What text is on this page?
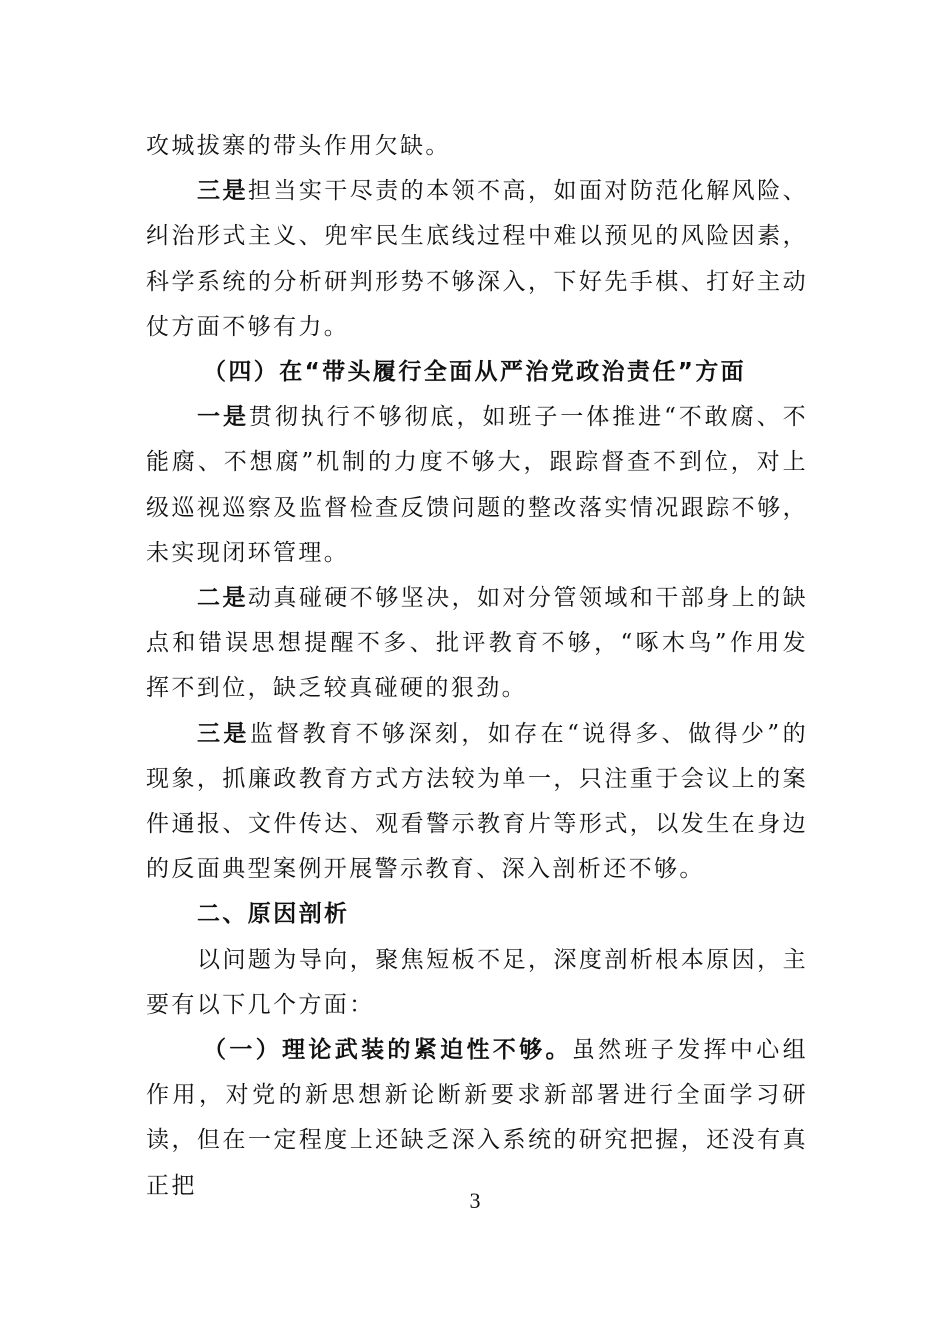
攻城拔寨的带头作用欠缺。

三是担当实干尽责的本领不高，如面对防范化解风险、纠治形式主义、兜牢民生底线过程中难以预见的风险因素，科学系统的分析研判形势不够深入，下好先手棋、打好主动仗方面不够有力。

（四）在“带头履行全面从严治党政治责任”方面

一是贯彻执行不够彻底，如班子一体推进“不敢腐、不能腐、不想腐”机制的力度不够大，跟踪督查不到位，对上级巡视巡察及监督检查反馈问题的整改落实情况跟踪不够，未实现闭环管理。

二是动真碰硬不够坚决，如对分管领域和干部身上的缺点和错误思想提醒不多、批评教育不够，“啄木鸟”作用发挥不到位，缺乏较真碰硬的狠劲。

三是监督教育不够深刻，如存在“说得多、做得少”的现象，抓廉政教育方式方法较为单一，只注重于会议上的案件通报、文件传达、观看警示教育片等形式，以发生在身边的反面典型案例开展警示教育、深入剖析还不够。

二、原因剖析

以问题为导向，聚焦短板不足，深度剖析根本原因，主要有以下几个方面：

（一）理论武装的紧迫性不够。虽然班子发挥中心组作用，对党的新思想新论断新要求新部署进行全面学习研读，但在一定程度上还缺乏深入系统的研究把握，还没有真正把

3
